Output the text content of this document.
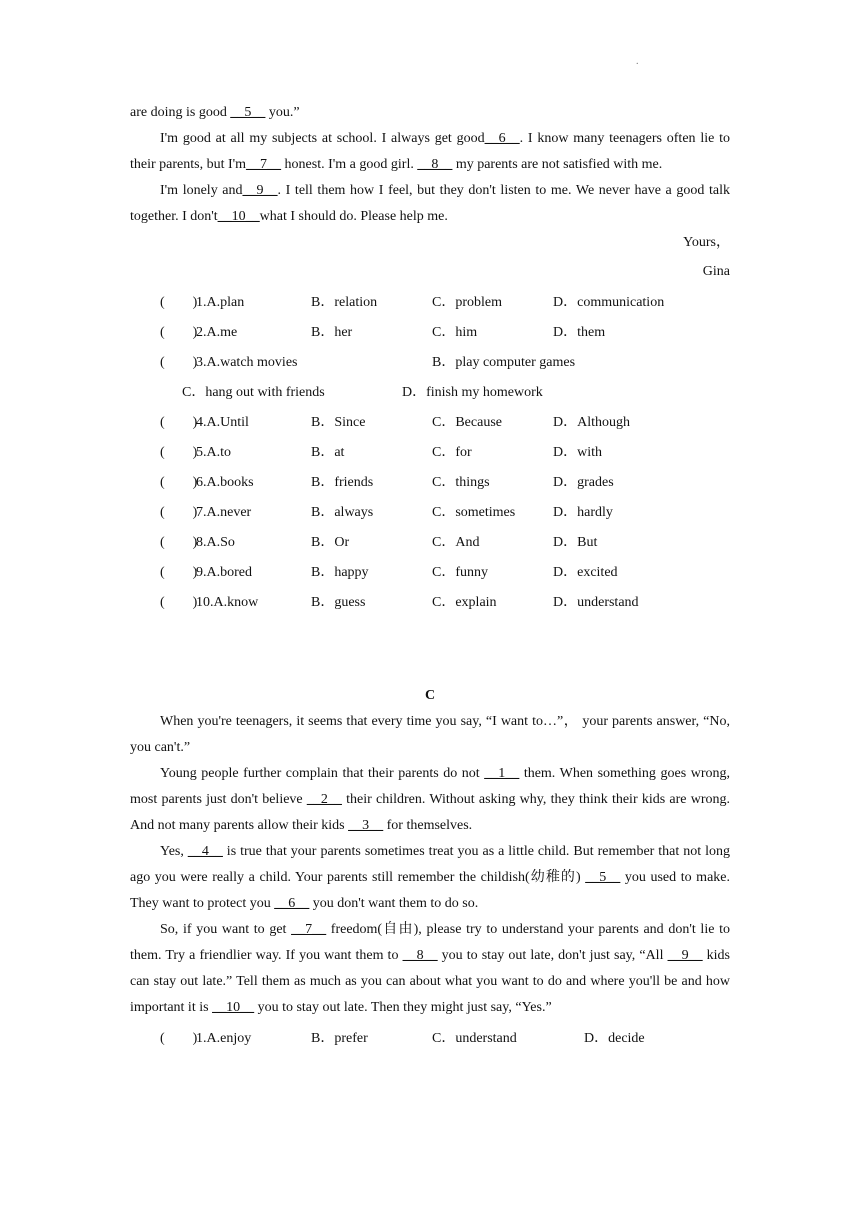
.

are doing is good __5__ you.”

I'm good at all my subjects at school. I always get good__6__. I know many teenagers often lie to their parents, but I'm__7__ honest. I'm a good girl. __8__ my parents are not satisfied with me.

I'm lonely and__9__. I tell them how I feel, but they don't listen to me. We never have a good talk together. I don't__10__what I should do. Please help me.

Yours，
Gina
(　　)
1.A.plan	B．relation	C．problem	D．communication
(　　)
2.A.me	B．her	C．him	D．them
(　　)
3.A.watch movies	B．play computer games
C．hang out with friends	D．finish my homework
(　　)
4.A.Until	B．Since	C．Because	D．Although
(　　)
5.A.to	B．at	C．for	D．with
(　　)
6.A.books	B．friends	C．things	D．grades
(　　)
7.A.never	B．always	C．sometimes	D．hardly
(　　)
8.A.So	B．Or	C．And	D．But
(　　)
9.A.bored	B．happy	C．funny	D．excited
(　　)
10.A.know	B．guess	C．explain	D．understand
C

When you're teenagers, it seems that every time you say, “I want to…”， your parents answer, “No, you can't.”

Young people further complain that their parents do not __1__ them. When something goes wrong, most parents just don't believe __2__ their children. Without asking why, they think their kids are wrong. And not many parents allow their kids __3__ for themselves.

Yes, __4__ is true that your parents sometimes treat you as a little child. But remember that not long ago you were really a child. Your parents still remember the childish(幼稚的) __5__ you used to make. They want to protect you __6__ you don't want them to do so.

So, if you want to get __7__ freedom(自由), please try to understand your parents and don't lie to them. Try a friendlier way. If you want them to __8__ you to stay out late, don't just say, “All __9__ kids can stay out late.” Tell them as much as you can about what you want to do and where you'll be and how important it is __10__ you to stay out late. Then they might just say, “Yes.”

(　　)
1.A.enjoy	B．prefer	C．understand	D．decide
